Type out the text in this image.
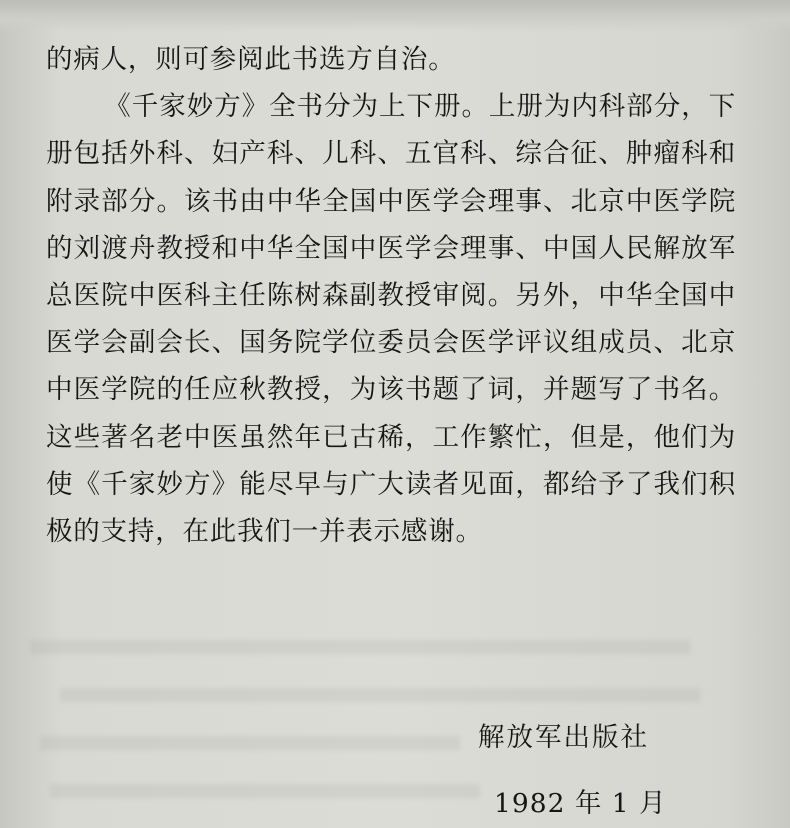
的病人，则可参阅此书选方自治。

《千家妙方》全书分为上下册。上册为内科部分，下册包括外科、妇产科、儿科、五官科、综合征、肿瘤科和附录部分。该书由中华全国中医学会理事、北京中医学院的刘渡舟教授和中华全国中医学会理事、中国人民解放军总医院中医科主任陈树森副教授审阅。另外，中华全国中医学会副会长、国务院学位委员会医学评议组成员、北京中医学院的任应秋教授，为该书题了词，并题写了书名。这些著名老中医虽然年已古稀，工作繁忙，但是，他们为使《千家妙方》能尽早与广大读者见面，都给予了我们积极的支持，在此我们一并表示感谢。

解放军出版社
1982 年 1 月
